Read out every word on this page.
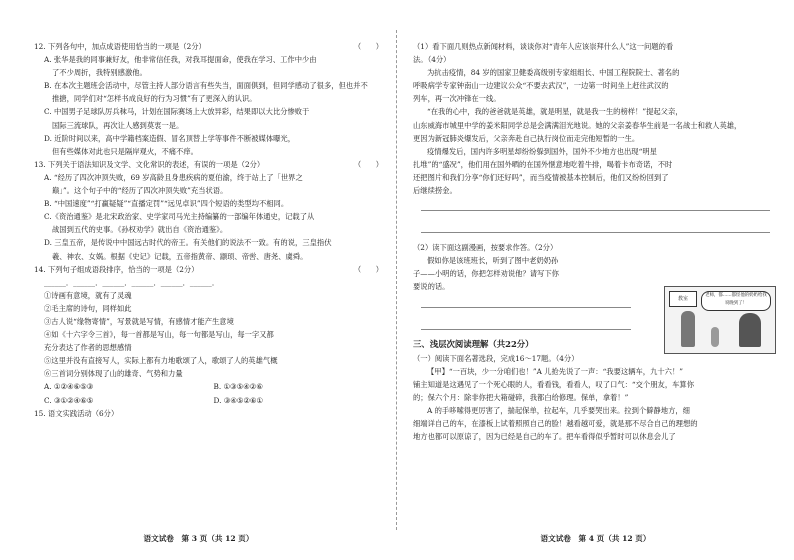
12. 下列各句中，加点成语使用恰当的一项是（2分）	（　　）

A. 张华是我的同事兼好友，他非常信任我，对我耳提面命，使我在学习、工作中少由

了不少周折，我特别感激他。

B. 在本次主题班会活动中，尽管主持人部分语言有些失当，面面俱到，但同学感动了很多，但也并不

推搪，同学们对“怎样书成良好的行为习惯”有了更深入的认识。

C. 中国男子足球队厉兵秣马，计划在国际赛场上大放异彩，结果即以大比分惨败于

国际三流球队，再次让人感到莫衷一是。

D. 近阶时间以来，高中学籍档案造假、冒名顶替上学等事件不断被媒体曝光，

但有些媒体对此也只是隔岸观火，不痛不痒。

13. 下列关于语法知识及文学、文化常识的表述，有误的一项是（2分）	（　　）

A. “经历了四次冲顶失败，69 岁高龄且身患疾病的夏伯渝，终于站上了「世界之

巅」”。这个句子中的“经历了四次冲顶失败”充当状语。

B. “中国速度”“打赢疑疑”“直播定罚”“远见卓识”四个短语的类型均不相同。

C.《资治通鉴》是北宋政治家、史学家司马光主持编纂的一部编年体通史，记载了从

战国到五代的史事。《孙权劝学》就出自《资治通鉴》。

D. 三皇五帝，是传说中中国远古时代的帝王。有关他们的说法不一致。有的说，三皇指伏

羲、神农、女娲。根据《史记》记载，五帝指黄帝、颛顼、帝喾、唐尧、虞舜。

14. 下列句子组成语段排序，恰当的一项是（2分）	（　　）

______．______．______．______．______．______．

①诗画有意境，就有了灵魂

②毛主席的诗句，同样如此

③古人说“缘物寄情”，写景就是写情，有感情才能产生意境

④如《十六字令三首》，每一首都是写山，每一句都是写山，每一字又都

充分表达了作者的思想感情

⑤这里并没有直接写人，实际上都有力地歌颂了人，歌颂了人的英雄气概

⑥三首词分别体现了山的雄奇、气势和力量

A. ①②④⑥⑤③	B. ①③⑤④②⑥
C. ③①②④⑥⑤	D. ③④⑤②⑥①

15. 语文实践活动（6分）

语文试卷　第 3 页（共 12 页）

（1）看下面几则热点新闻材料，谈谈你对“青年人应该崇拜什么人”这一问题的看

法。（4分）

为抗击疫情，84 岁的国家卫健委高级别专家组组长、中国工程院院士、著名的

呼吸病学专家钟南山一边建议公众“不要去武汉”，一边第一时间坐上赶往武汉的

列车，再一次冲锋在一线。

“在我的心中，我的爸爸就是英雄，就是明星，就是我一生的榜样！”提起父亲，

山东威海市城里中学的姜米阳同学总是会满满泪光地说。她的父亲姜春华生前是一名战士和救人英雄，

更因为新冠肺炎爆发后，父亲奔赴自己执行岗位而走完他短暂的一生。

疫情爆发后，国内许多明星却纷纷躲到国外，国外不少地方也出现“明星

扎堆”的“盛况”，他们用在国外晒的在国外惬意地吃着牛排，喝着卡布奇诺，不时

还把图片和我们分享“你们还好吗”，而当疫情被基本控制后，他们又纷纷回到了

后继续捞金。

（2）读下面这副漫画，按要求作答。（2分）

假如你是该班班长，听到了图中老奶奶孙

子——小明的话，你把怎样劝说他？请写下你

要说的话。

三、浅层次阅读理解（共22分）

（一）阅读下面名著选段，完成16～17题。（4分）

【甲】“一百块，少一分咱们也！”A 儿抢先说了一声：“我要这辆车，九十六！”

铺主知道是这遇见了一个死心眼的人，看看钱，看看人，叹了口气：“交个朋友，车算你

的；保六个月：除非你把大箱碰碎，我都白给修理。保单，拿着！”

A 的手哆嗦得更厉害了，揣起保单，拉起车，几乎要哭出来。拉到个僻静地方，细

细端详自己的车，在漆板上试着照照自己的脸！越看越可爱，就是那不尽合自己的理想的

地方也都可以原谅了，因为已经是自己的车了。把车看得似乎暂时可以休息会儿了

语文试卷　第 4 页（共 12 页）
教室
老师，都……都怪他的奶奶给我
说晚到了！
